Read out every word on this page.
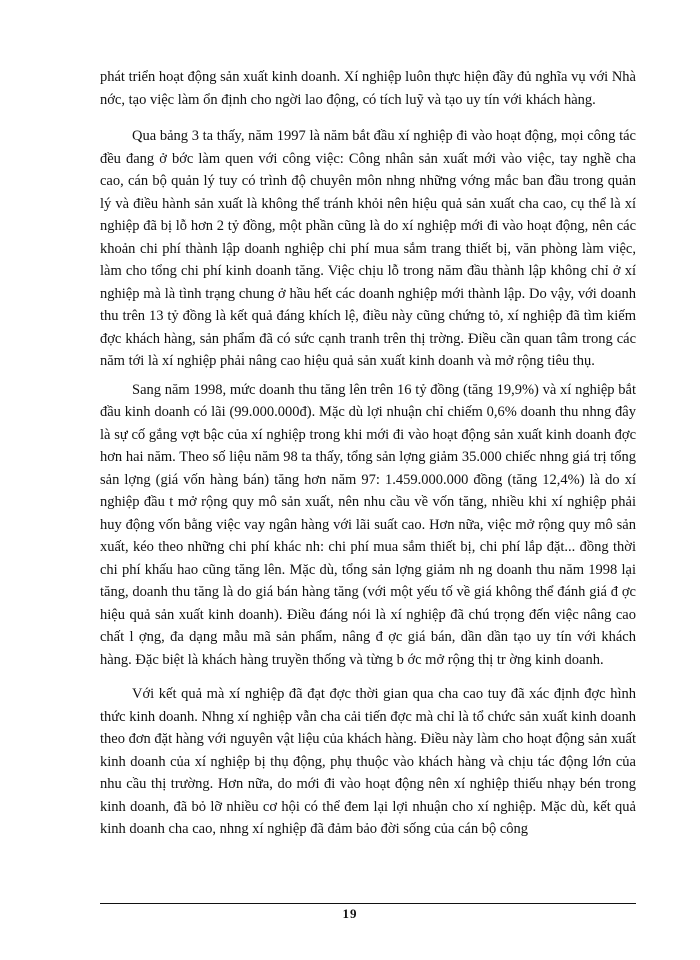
phát triển hoạt động sản xuất kinh doanh. Xí nghiệp luôn thực hiện đầy đủ nghĩa vụ với Nhà nớc, tạo việc làm ổn định cho ngời lao động, có tích luỹ và tạo uy tín với khách hàng.

Qua bảng 3 ta thấy, năm 1997 là năm bắt đầu xí nghiệp đi vào hoạt động, mọi công tác đều đang ở bớc làm quen với công việc: Công nhân sản xuất mới vào việc, tay nghề cha cao, cán bộ quản lý tuy có trình độ chuyên môn nhng những vớng mắc ban đầu trong quản lý và điều hành sản xuất là không thể tránh khỏi nên hiệu quả sản xuất cha cao, cụ thể là xí nghiệp đã bị lỗ hơn 2 tỷ đồng, một phần cũng là do xí nghiệp mới đi vào hoạt động, nên các khoản chi phí thành lập doanh nghiệp chi phí mua sắm trang thiết bị, văn phòng làm việc, làm cho tổng chi phí kinh doanh tăng. Việc chịu lỗ trong năm đầu thành lập không chỉ ở xí nghiệp mà là tình trạng chung ở hầu hết các doanh nghiệp mới thành lập. Do vậy, với doanh thu trên 13 tỷ đồng là kết quả đáng khích lệ, điều này cũng chứng tỏ, xí nghiệp đã tìm kiếm đợc khách hàng, sản phẩm đã có sức cạnh tranh trên thị trờng. Điều cần quan tâm trong các năm tới là xí nghiệp phải nâng cao hiệu quả sản xuất kinh doanh và mở rộng tiêu thụ.

Sang năm 1998, mức doanh thu tăng lên trên 16 tỷ đồng (tăng 19,9%) và xí nghiệp bắt đầu kinh doanh có lãi (99.000.000đ). Mặc dù lợi nhuận chỉ chiếm 0,6% doanh thu nhng đây là sự cố gắng vợt bậc của xí nghiệp trong khi mới đi vào hoạt động sản xuất kinh doanh đợc hơn hai năm. Theo số liệu năm 98 ta thấy, tổng sản lợng giảm 35.000 chiếc nhng giá trị tổng sản lợng (giá vốn hàng bán) tăng hơn năm 97: 1.459.000.000 đồng (tăng 12,4%) là do xí nghiệp đầu t mở rộng quy mô sản xuất, nên nhu cầu về vốn tăng, nhiều khi xí nghiệp phải huy động vốn bằng việc vay ngân hàng với lãi suất cao. Hơn nữa, việc mở rộng quy mô sản xuất, kéo theo những chi phí khác nh: chi phí mua sắm thiết bị, chi phí lắp đặt... đồng thời chi phí khấu hao cũng tăng lên. Mặc dù, tổng sản lợng giảm nh ng doanh thu năm 1998 lại tăng, doanh thu tăng là do giá bán hàng tăng (với một yếu tố về giá không thể đánh giá đ ợc hiệu quả sản xuất kinh doanh). Điều đáng nói là xí nghiệp đã chú trọng đến việc nâng cao chất l ợng, đa dạng mẫu mã sản phẩm, nâng đ ợc giá bán, dần dần tạo uy tín với khách hàng. Đặc biệt là khách hàng truyền thống và từng b ớc mở rộng thị tr ờng kinh doanh.

Với kết quả mà xí nghiệp đã đạt đợc thời gian qua cha cao tuy đã xác định đợc hình thức kinh doanh. Nhng xí nghiệp vẫn cha cải tiến đợc mà chỉ là tổ chức sản xuất kinh doanh theo đơn đặt hàng với nguyên vật liệu của khách hàng. Điều này làm cho hoạt động sản xuất kinh doanh của xí nghiệp bị thụ động, phụ thuộc vào khách hàng và chịu tác động lớn của nhu cầu thị trường. Hơn nữa, do mới đi vào hoạt động nên xí nghiệp thiếu nhạy bén trong kinh doanh, đã bỏ lỡ nhiều cơ hội có thể đem lại lợi nhuận cho xí nghiệp. Mặc dù, kết quả kinh doanh cha cao, nhng xí nghiệp đã đảm bảo đời sống của cán bộ công

19
